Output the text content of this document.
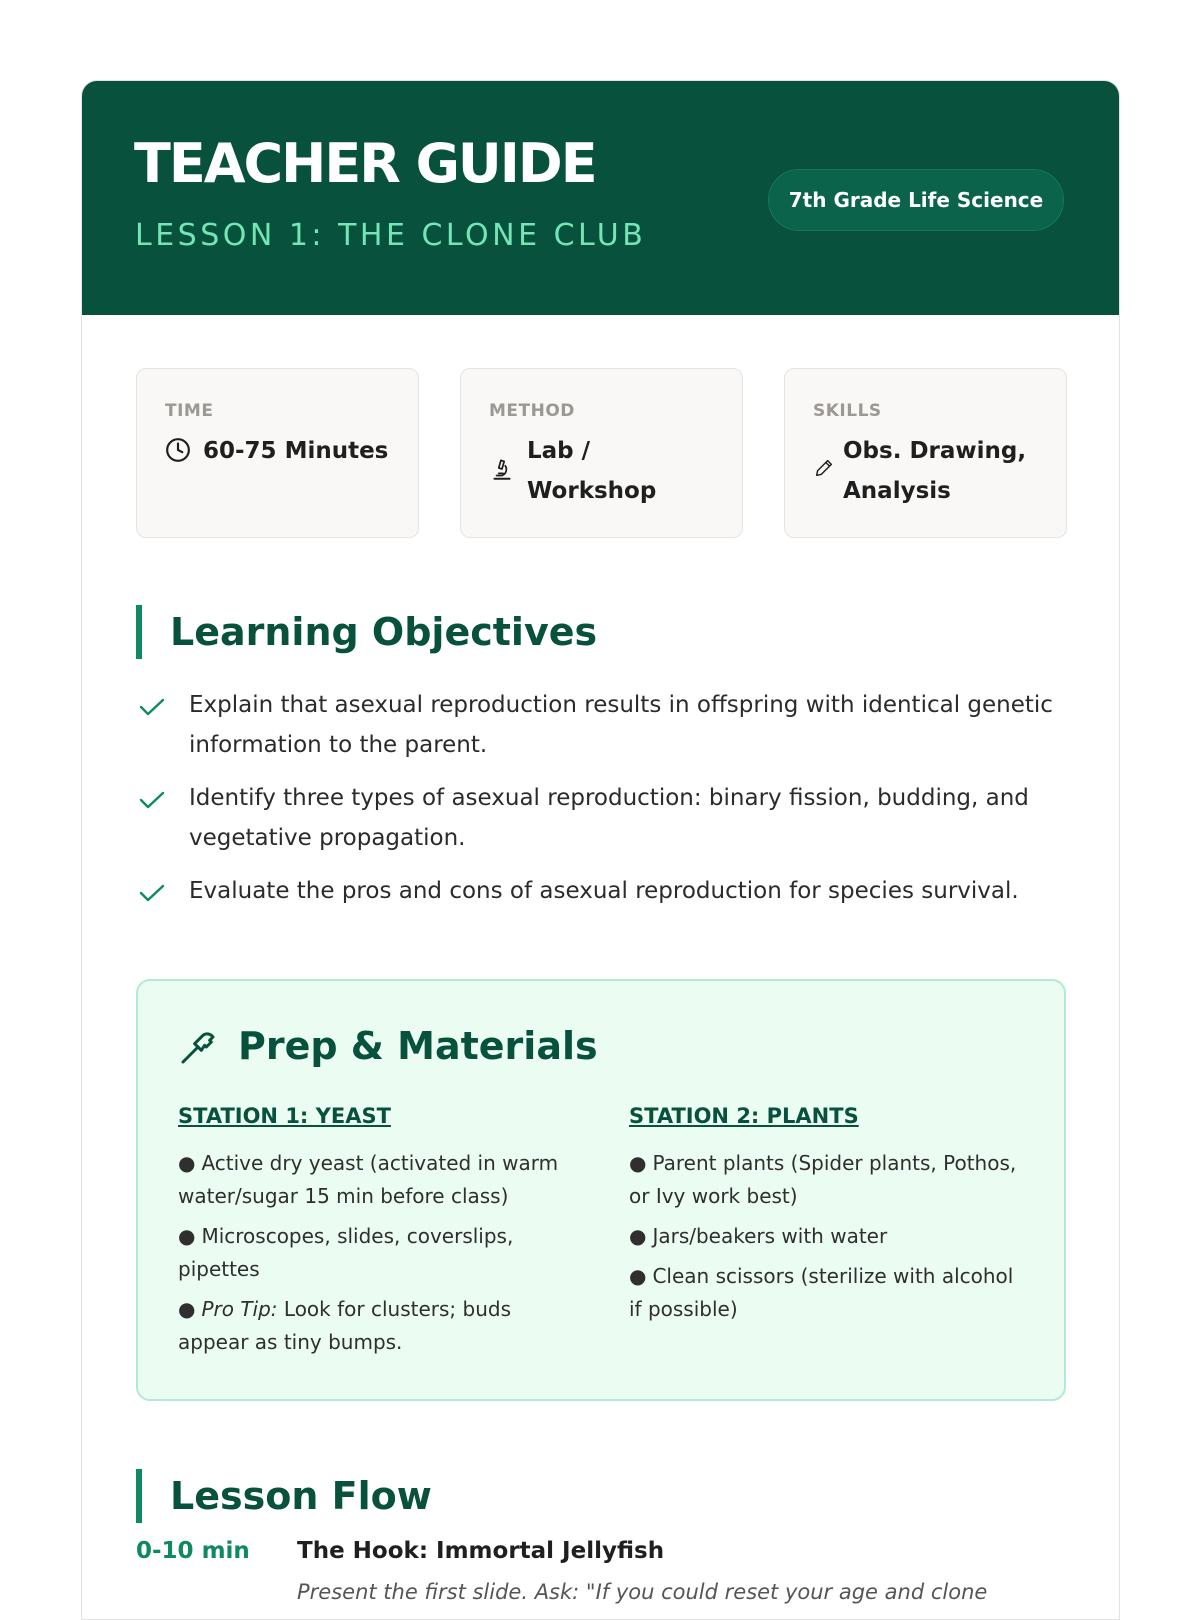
TEACHER GUIDE
LESSON 1: THE CLONE CLUB
7th Grade Life Science
TIME
60-75 Minutes
METHOD
Lab / Workshop
SKILLS
Obs. Drawing, Analysis
Learning Objectives
Explain that asexual reproduction results in offspring with identical genetic information to the parent.
Identify three types of asexual reproduction: binary fission, budding, and vegetative propagation.
Evaluate the pros and cons of asexual reproduction for species survival.
Prep & Materials
STATION 1: YEAST
● Active dry yeast (activated in warm water/sugar 15 min before class)
● Microscopes, slides, coverslips, pipettes
● Pro Tip: Look for clusters; buds appear as tiny bumps.
STATION 2: PLANTS
● Parent plants (Spider plants, Pothos, or Ivy work best)
● Jars/beakers with water
● Clean scissors (sterilize with alcohol if possible)
Lesson Flow
0-10 min The Hook: Immortal Jellyfish
Present the first slide. Ask: "If you could reset your age and clone
